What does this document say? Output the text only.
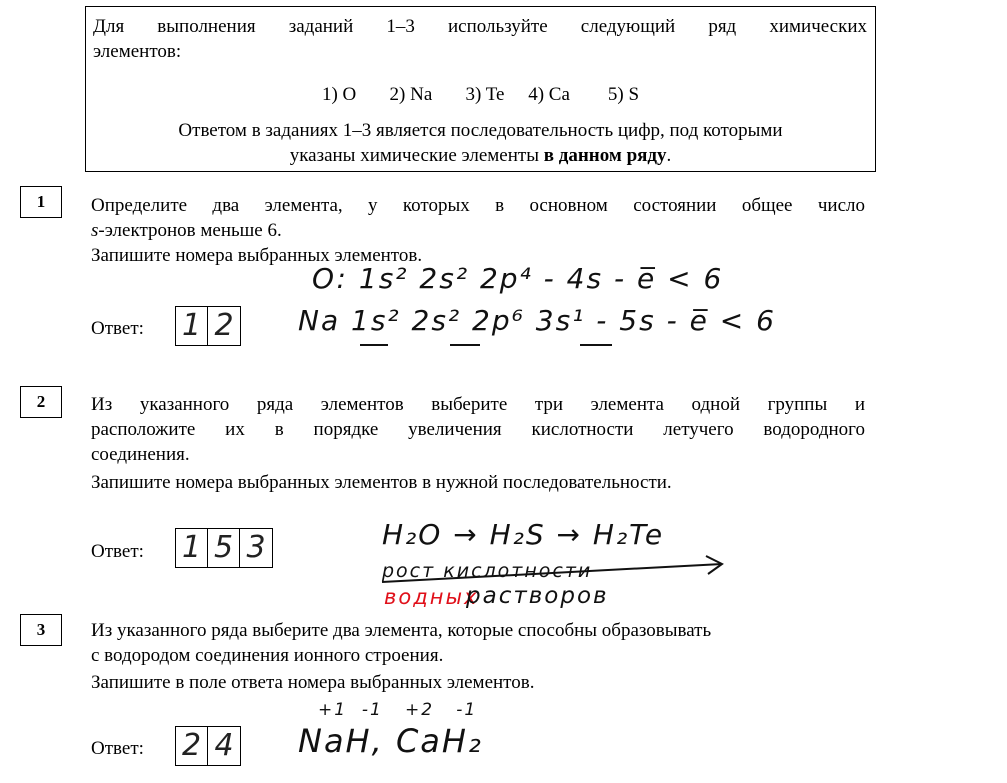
Для выполнения заданий 1–3 используйте следующий ряд химических
элементов:
1) O       2) Na       3) Te     4) Ca        5) S
Ответом в заданиях 1–3 является последовательность цифр, под которыми
указаны химические элементы в данном ряду.
1	Определите два элемента, у которых в основном состоянии общее число
s-электронов меньше 6.
Запишите номера выбранных элементов.
Ответ: 1 2
O: 1s² 2s² 2p⁴ - 4s - e̅ < 6
Na 1s² 2s² 2p⁶ 3s¹ - 5s - e̅ < 6
2	Из указанного ряда элементов выберите три элемента одной группы и
расположите их в порядке увеличения кислотности летучего водородного
соединения.
Запишите номера выбранных элементов в нужной последовательности.
Ответ: 1 5 3	H₂O → H₂S → H₂Te
рост кислотности
водных
растворов
3	Из указанного ряда выберите два элемента, которые способны образовывать
с водородом соединения ионного строения.
Запишите в поле ответа номера выбранных элементов.
Ответ: 2 4
+1  -1   +2   -1
NaH, CaH₂
